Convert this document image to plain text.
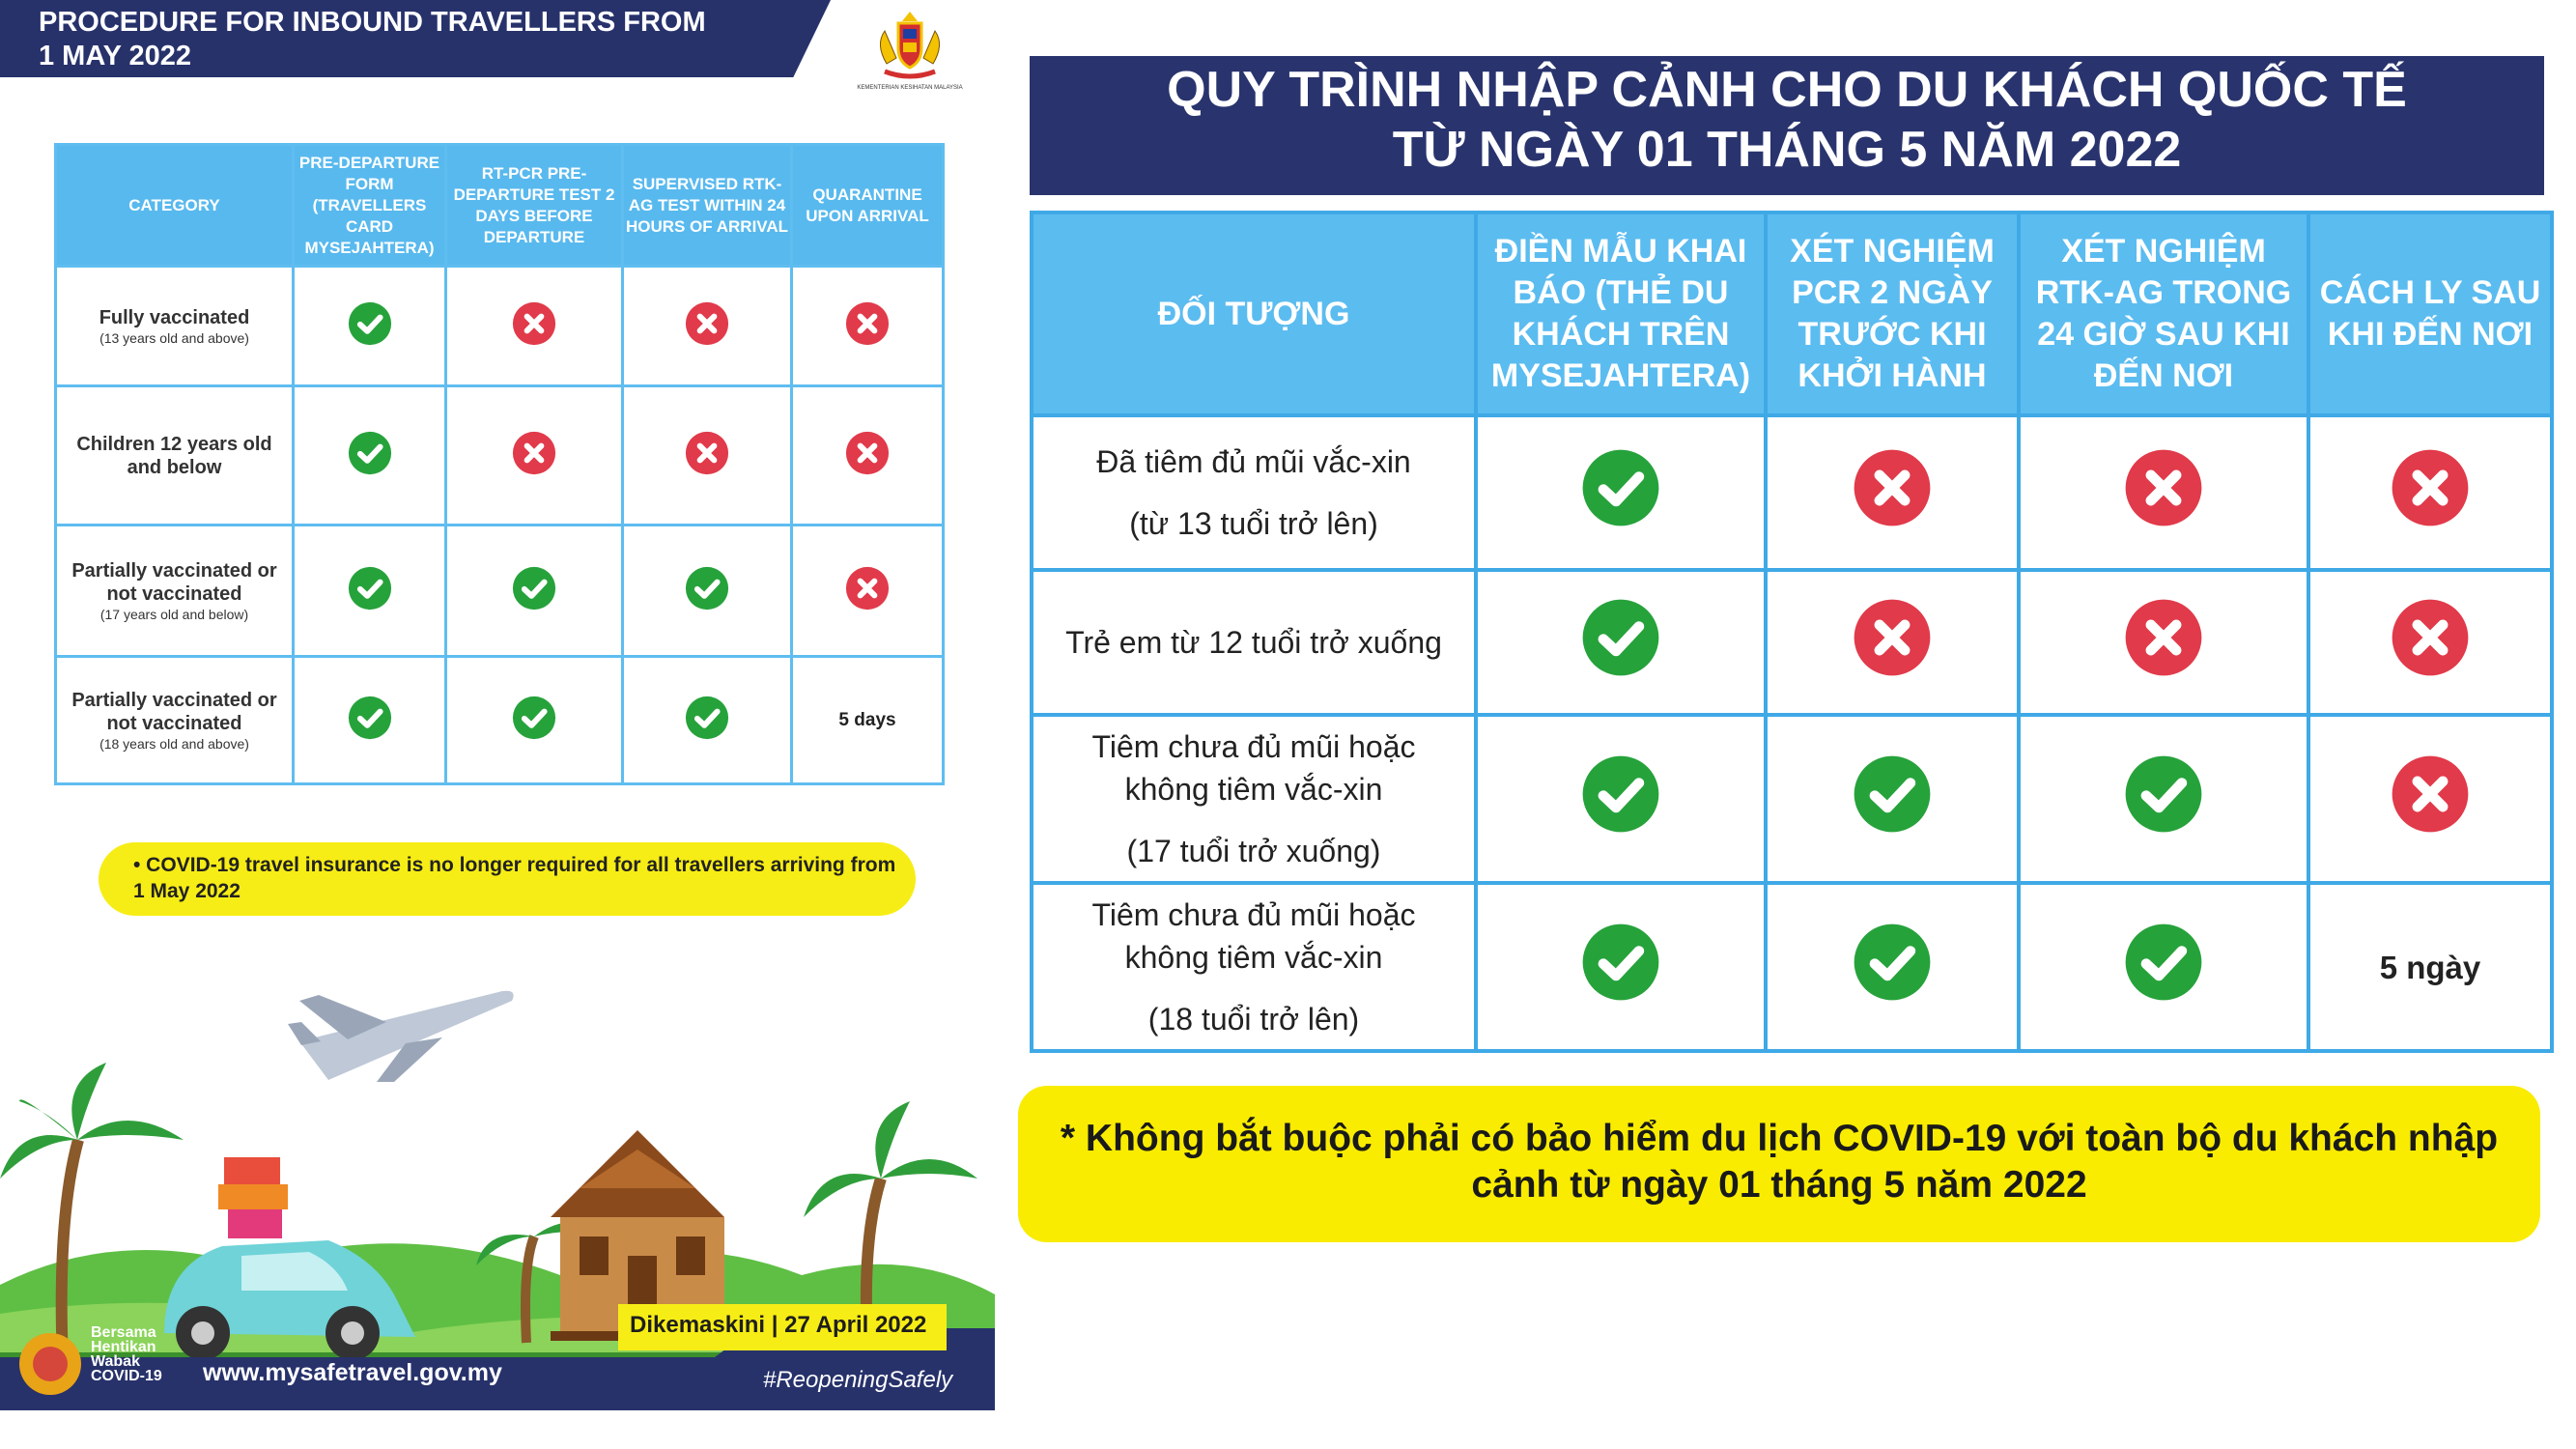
PROCEDURE FOR INBOUND TRAVELLERS FROM
1 MAY 2022
KEMENTERIAN KESIHATAN MALAYSIA
CATEGORY	PRE-DEPARTURE FORM (TRAVELLERS CARD MYSEJAHTERA)	RT-PCR PRE-DEPARTURE TEST 2 DAYS BEFORE DEPARTURE	SUPERVISED RTK-AG TEST WITHIN 24 HOURS OF ARRIVAL	QUARANTINE UPON ARRIVAL
Fully vaccinated
(13 years old and above)

Children 12 years old and below

Partially vaccinated or not vaccinated
(17 years old and below)

Partially vaccinated or not vaccinated
(18 years old and above)				5 days
• COVID-19 travel insurance is no longer required for all travellers arriving from 1 May 2022
Bersama
Hentikan
Wabak
COVID-19 www.mysafetravel.gov.my
Dikemaskini | 27 April 2022
#ReopeningSafely
QUY TRÌNH NHẬP CẢNH CHO DU KHÁCH QUỐC TẾ
TỪ NGÀY 01 THÁNG 5 NĂM 2022
ĐỐI TƯỢNG	ĐIỀN MẪU KHAI BÁO (THẺ DU KHÁCH TRÊN MYSEJAHTERA)	XÉT NGHIỆM PCR 2 NGÀY TRƯỚC KHI KHỞI HÀNH	XÉT NGHIỆM RTK-AG TRONG 24 GIỜ SAU KHI ĐẾN NƠI	CÁCH LY SAU KHI ĐẾN NƠI

Đã tiêm đủ mũi vắc-xin
(từ 13 tuổi trở lên)

Trẻ em từ 12 tuổi trở xuống

Tiêm chưa đủ mũi hoặc không tiêm vắc-xin
(17 tuổi trở xuống)

Tiêm chưa đủ mũi hoặc không tiêm vắc-xin
(18 tuổi trở lên)				5 ngày
* Không bắt buộc phải có bảo hiểm du lịch COVID-19 với toàn bộ du khách nhập cảnh từ ngày 01 tháng 5 năm 2022
